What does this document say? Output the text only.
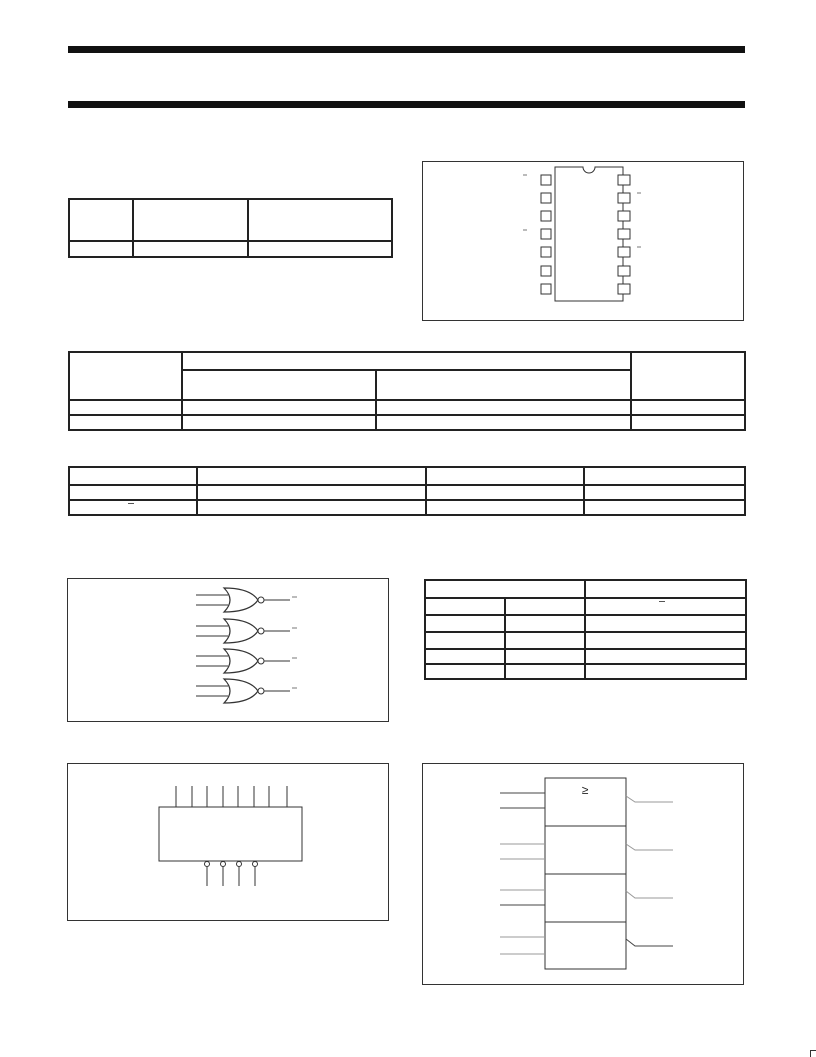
≥
